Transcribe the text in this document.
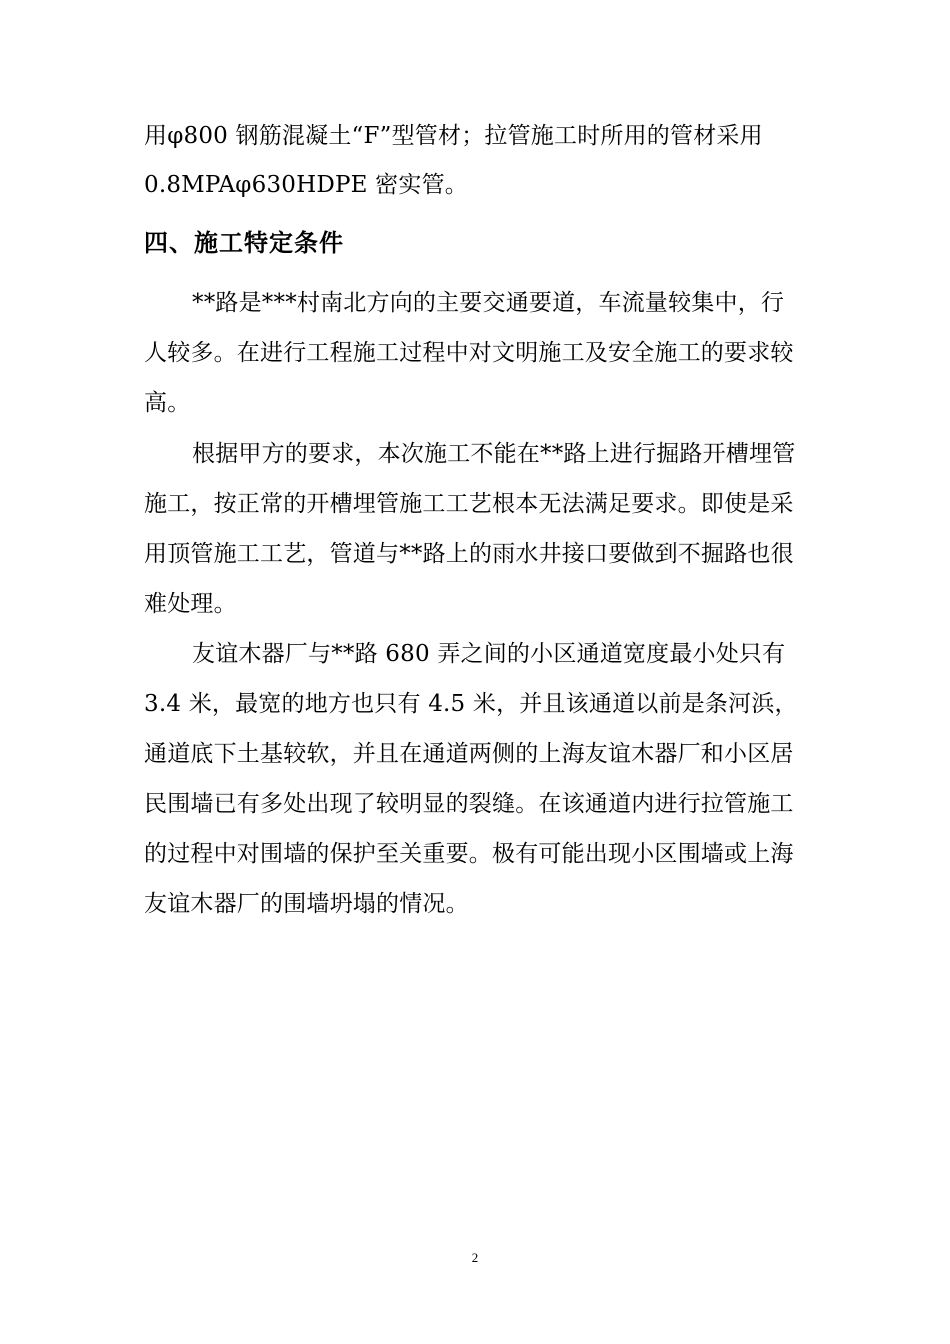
用φ800 钢筋混凝土“F”型管材；拉管施工时所用的管材采用
0.8MPAφ630HDPE 密实管。
四、施工特定条件
**路是***村南北方向的主要交通要道，车流量较集中，行
人较多。在进行工程施工过程中对文明施工及安全施工的要求较
高。
根据甲方的要求，本次施工不能在**路上进行掘路开槽埋管
施工，按正常的开槽埋管施工工艺根本无法满足要求。即使是采
用顶管施工工艺，管道与**路上的雨水井接口要做到不掘路也很
难处理。
友谊木器厂与**路 680 弄之间的小区通道宽度最小处只有
3.4 米，最宽的地方也只有 4.5 米，并且该通道以前是条河浜，
通道底下土基较软，并且在通道两侧的上海友谊木器厂和小区居
民围墙已有多处出现了较明显的裂缝。在该通道内进行拉管施工
的过程中对围墙的保护至关重要。极有可能出现小区围墙或上海
友谊木器厂的围墙坍塌的情况。
2
